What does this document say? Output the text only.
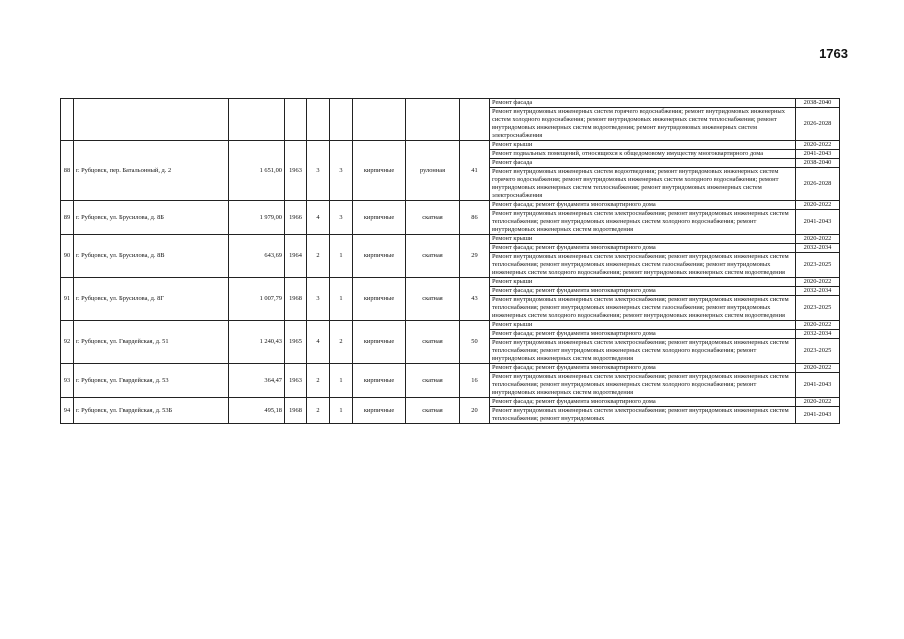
1763
									Ремонт фасада	2038-2040
									Ремонт внутридомовых инженерных систем горячего водоснабжения; ремонт внутридомовых инженерных систем холодного водоснабжения; ремонт внутридомовых инженерных систем теплоснабжения; ремонт внутридомовых инженерных систем водоотведения; ремонт внутридомовых инженерных систем электроснабжения	2026-2028
88	г. Рубцовск, пер. Батальонный, д. 2	1 651,00	1963	3	3	кирпичные	рулонная	41	Ремонт крыши	2020-2022
									Ремонт подвальных помещений, относящихся к общедомовому имуществу многоквартирного дома	2041-2043
									Ремонт фасада	2038-2040
									Ремонт внутридомовых инженерных систем водоотведения; ремонт внутридомовых инженерных систем горячего водоснабжения; ремонт внутридомовых инженерных систем холодного водоснабжения; ремонт внутридомовых инженерных систем теплоснабжения; ремонт внутридомовых инженерных систем электроснабжения	2026-2028
89	г. Рубцовск, ул. Брусилова, д. 8Б	1 979,00	1966	4	3	кирпичные	скатная	86	Ремонт фасада; ремонт фундамента многоквартирного дома	2020-2022
									Ремонт внутридомовых инженерных систем электроснабжения; ремонт внутридомовых инженерных систем теплоснабжения; ремонт внутридомовых инженерных систем холодного водоснабжения; ремонт внутридомовых инженерных систем водоотведения	2041-2043
90	г. Рубцовск, ул. Брусилова, д. 8В	643,69	1964	2	1	кирпичные	скатная	29	Ремонт крыши	2020-2022
									Ремонт фасада; ремонт фундамента многоквартирного дома	2032-2034
									Ремонт внутридомовых инженерных систем электроснабжения; ремонт внутридомовых инженерных систем теплоснабжения; ремонт внутридомовых инженерных систем газоснабжения; ремонт внутридомовых инженерных систем холодного водоснабжения; ремонт внутридомовых инженерных систем водоотведения	2023-2025
91	г. Рубцовск, ул. Брусилова, д. 8Г	1 007,79	1968	3	1	кирпичные	скатная	43	Ремонт крыши	2020-2022
									Ремонт фасада; ремонт фундамента многоквартирного дома	2032-2034
									Ремонт внутридомовых инженерных систем электроснабжения; ремонт внутридомовых инженерных систем теплоснабжения; ремонт внутридомовых инженерных систем газоснабжения; ремонт внутридомовых инженерных систем холодного водоснабжения; ремонт внутридомовых инженерных систем водоотведения	2023-2025
92	г. Рубцовск, ул. Гвардейская, д. 51	1 240,43	1965	4	2	кирпичные	скатная	50	Ремонт крыши	2020-2022
									Ремонт фасада; ремонт фундамента многоквартирного дома	2032-2034
									Ремонт внутридомовых инженерных систем электроснабжения; ремонт внутридомовых инженерных систем теплоснабжения; ремонт внутридомовых инженерных систем холодного водоснабжения; ремонт внутридомовых инженерных систем водоотведения	2023-2025
93	г. Рубцовск, ул. Гвардейская, д. 53	364,47	1963	2	1	кирпичные	скатная	16	Ремонт фасада; ремонт фундамента многоквартирного дома	2020-2022
									Ремонт внутридомовых инженерных систем электроснабжения; ремонт внутридомовых инженерных систем теплоснабжения; ремонт внутридомовых инженерных систем холодного водоснабжения; ремонт внутридомовых инженерных систем водоотведения	2041-2043
94	г. Рубцовск, ул. Гвардейская, д. 53Б	495,18	1968	2	1	кирпичные	скатная	20	Ремонт фасада; ремонт фундамента многоквартирного дома	2020-2022
									Ремонт внутридомовых инженерных систем электроснабжения; ремонт внутридомовых инженерных систем теплоснабжения; ремонт внутридомовых	2041-2043
